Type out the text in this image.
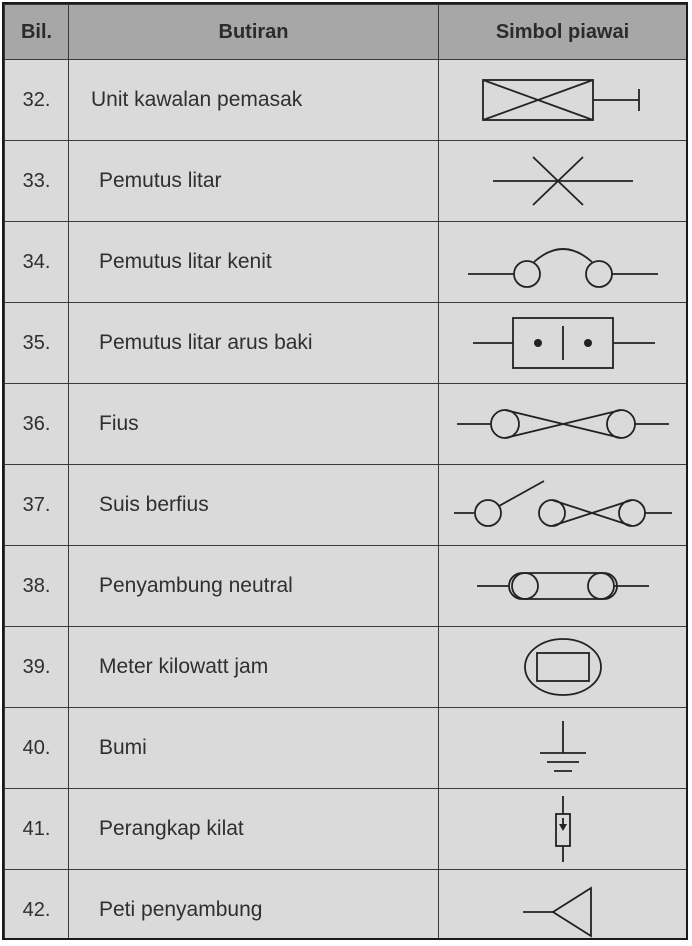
Bil.	Butiran	Simbol piawai
32.	Unit kawalan pemasak	

33.	Pemutus litar	

34.	Pemutus litar kenit	

35.	Pemutus litar arus baki	

36.	Fius	

37.	Suis berfius	

38.	Penyambung neutral	

39.	Meter kilowatt jam	

40.	Bumi	

41.	Perangkap kilat	

42.	Peti penyambung	
